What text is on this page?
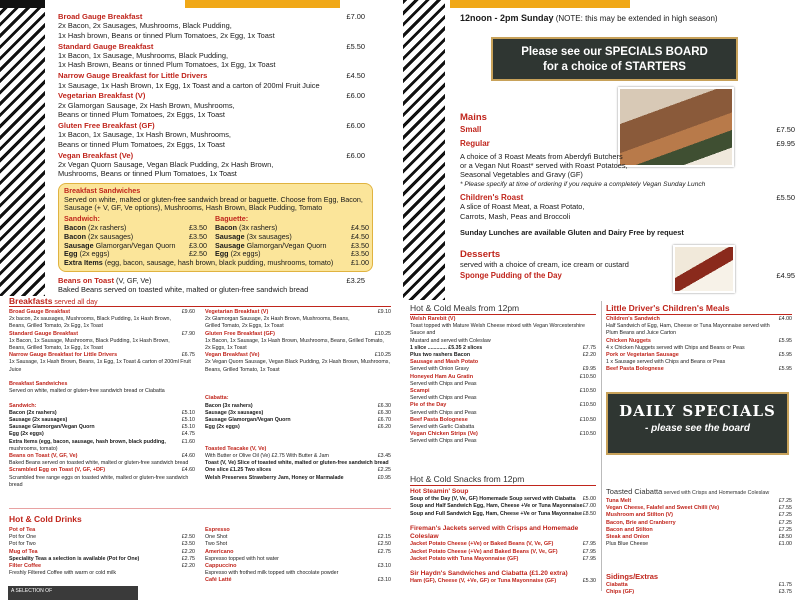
Broad Gauge Breakfast	£7.00
2x Bacon, 2x Sausages, Mushrooms, Black Pudding,
1x Hash brown, Beans or tinned Plum Tomatoes, 2x Egg, 1x Toast
Standard Gauge Breakfast	£5.50
1x Bacon, 1x Sausage, Mushrooms, Black Pudding,
1x Hash Brown, Beans or tinned Plum Tomatoes, 1x Egg, 1x Toast
Narrow Gauge Breakfast for Little Drivers	£4.50
1x Sausage, 1x Hash Brown, 1x Egg, 1x Toast and a carton of 200ml Fruit Juice
Vegetarian Breakfast (V)	£6.00
2x Glamorgan Sausage, 2x Hash Brown, Mushrooms,
Beans or tinned Plum Tomatoes, 2x Eggs, 1x Toast
Gluten Free Breakfast (GF)	£6.00
1x Bacon, 1x Sausage, 1x Hash Brown, Mushrooms,
Beans or tinned Plum Tomatoes, 2x Eggs, 1x Toast
Vegan Breakfast (Ve)	£6.00
2x Vegan Quorn Sausage, Vegan Black Pudding, 2x Hash Brown,
Mushrooms, Beans or tinned Plum Tomatoes, 1x Toast
Breakfast Sandwiches
Served on white, malted or gluten-free sandwich bread or baguette. Choose from Egg, Bacon,
Sausage (+ V, GF, Ve options), Mushrooms, Hash Brown, Black Pudding, Tomato
Sandwich:
Bacon (2x rashers)	£3.50
Bacon (2x sausages)	£3.50
Sausage Glamorgan/Vegan Quorn £3.00
Egg (2x eggs)	£2.50
Baguette:
Bacon (3x rashers)	£4.50
Sausage (3x sausages)	£4.50
Sausage Glamorgan/Vegan Quorn	£3.50
Egg (2x eggs)	£3.50
Extra Items (egg, bacon, sausage, hash brown, black pudding, mushrooms, tomato) £1.00
Beans on Toast (V, GF, Ve)	£3.25
Baked Beans served on toasted white, malted or gluten-free sandwich bread
12noon - 2pm Sunday (NOTE: this may be extended in high season)
Please see our SPECIALS BOARD
for a choice of STARTERS
Mains
Small	£7.50
Regular	£9.95
A choice of 3 Roast Meats from Aberdyfi Butchers
or a Vegan Nut Roast* served with Roast Potatoes,
Seasonal Vegetables and Gravy (GF)
* Please specify at time of ordering if you require a completely Vegan Sunday Lunch
Children's Roast	£5.50
A slice of Roast Meat, a Roast Potato,
Carrots, Mash, Peas and Broccoli
Sunday Lunches are available Gluten and Dairy Free by request
Desserts
served with a choice of cream, ice cream or custard
Sponge Pudding of the Day	£4.95
Breakfasts served all day
Broad Gauge Breakfast	£9.60
2x bacon, 2x sausages, Mushrooms, Black Pudding, 1x Hash Brown,
Beans, Grilled Tomato, 2x Egg, 1x Toast
Standard Gauge Breakfast	£7.90
1x Bacon, 1x Sausage, Mushrooms, Black Pudding, 1x Hash Brown,
Beans, Grilled Tomato, 1x Egg, 1x Toast
Narrow Gauge Breakfast for Little Drivers	£6.75
1x Sausage, 1x Hash Brown, Beans, 1x Egg, 1x Toast & carton of 200ml Fruit Juice
Breakfast Sandwiches
Served on white, malted or gluten-free sandwich bread or Ciabatta
Sandwich:
Bacon (2x rashers)	£5.10
Sausage (2x sausages)	£5.10
Sausage Glamorgan/Vegan Quorn	£5.10
Egg (2x eggs)	£4.75
Extra Items (egg, bacon, sausage, hash brown, black pudding,	£1.60
mushrooms, tomato)
Beans on Toast (V, GF, Ve)	£4.60
Baked Beans served on toasted white, malted or gluten-free sandwich bread
Scrambled Egg on Toast (V, GF, +DF)	£4.60
Scrambled free range eggs on toasted white, malted or gluten-free sandwich bread
Vegetarian Breakfast (V)	£9.10
2x Glamorgan Sausage, 2x Hash Brown, Mushrooms, Beans,
Grilled Tomato, 2x Eggs, 1x Toast
Gluten Free Breakfast (GF)	£10.25
1x Bacon, 1x Sausage, 1x Hash Brown, Mushrooms, Beans, Grilled Tomato,
2x Eggs, 1x Toast
Vegan Breakfast (Ve)	£10.25
2x Vegan Quorn Sausage, Vegan Black Pudding, 2x Hash Brown, Mushrooms,
Beans, Grilled Tomato, 1x Toast
Ciabatta:
Bacon (3x rashers)	£6.30
Sausage (3x sausages)	£6.30
Sausage Glamorgan/Vegan Quorn	£6.70
Egg (2x eggs)	£6.20
Toasted Teacake (V, Ve)
With Butter or Olive Oil (Ve) £2.75 With Butter & Jam	£3.45
Toast (V, Ve) Slice of toasted white, malted or gluten-free sandwich bread
One slice £1.25 Two slices	£2.25
Welsh Preserves Strawberry Jam, Honey or Marmalade	£0.95
Hot & Cold Drinks
Pot of Tea
Pot for One	£2.50
Pot for Two	£3.50
Mug of Tea	£2.20
Speciality Teas a selection is available (Pot for One)	£2.75
Filter Coffee	£2.20
Freshly Filtered Coffee with warm or cold milk
Espresso
One Shot	£2.15
Two Shot	£2.50
Americano	£2.75
Espresso topped with hot water
Cappuccino	£3.10
Espresso with frothed milk topped with chocolate powder
Café Latté	£3.10
A SELECTION OF
Hot & Cold Meals from 12pm
Welsh Rarebit (V)
Toast topped with Mature Welsh Cheese mixed with Vegan Worcestershire Sauce and
Mustard and served with Coleslaw
1 slice ............. £5.35 2 slices	£7.75
Plus two rashers Bacon	£2.20
Sausage and Mash Potato
Served with Onion Gravy	£9.95
Honeyed Ham Au Gratin	£10.50
Served with Chips and Peas
Scampi	£10.50
Served with Chips and Peas
Pie of the Day	£10.50
Served with Chips and Peas
Beef Pasta Bolognese	£10.50
Served with Garlic Ciabatta
Vegan Chicken Strips (Ve)	£10.50
Served with Chips and Peas
Little Driver's Children's Meals
Children's Sandwich	£4.00
Half Sandwich of Egg, Ham, Cheese or Tuna Mayonnaise served with
Plum Beans and Juice Carton
Chicken Nuggets	£5.95
4 x Chicken Nuggets served with Chips and Beans or Peas
Pork or Vegetarian Sausage	£5.95
1 x Sausage served with Chips and Beans or Peas
Beef Pasta Bolognese	£5.95
DAILY SPECIALS
- please see the board
Hot & Cold Snacks from 12pm
Hot Steamin' Soup
Soup of the Day (V, Ve, GF) Homemade Soup served with Ciabatta £5.00
Soup and Half Sandwich Egg, Ham, Cheese +Ve or Tuna Mayonnaise £7.00
Soup and Full Sandwich Egg, Ham, Cheese +Ve or Tuna Mayonnaise £8.50
Fireman's Jackets served with Crisps and Homemade Coleslaw
Jacket Potato Cheese (+Ve) or Baked Beans (V, Ve, GF)	£7.95
Jacket Potato Cheese (+Ve) and Baked Beans (V, Ve, GF)	£7.95
Jacket Potato with Tuna Mayonnaise (GF)	£7.95
Sir Haydn's Sandwiches and Ciabatta (£1.20 extra)
Ham (GF), Cheese (V, +Ve, GF) or Tuna Mayonnaise (GF)	£5.30
Toasted Ciabatta served with Crisps and Homemade Coleslaw
Tuna Melt	£7.25
Vegan Cheese, Falafel and Sweet Chilli (Ve)	£7.55
Mushroom and Stilton (V)	£7.25
Bacon, Brie and Cranberry	£7.25
Bacon and Stilton	£7.25
Steak and Onion	£8.50
Plus Blue Cheese	£1.00
Sidings/Extras
Ciabatta	£1.75
Chips (GF)	£3.75
